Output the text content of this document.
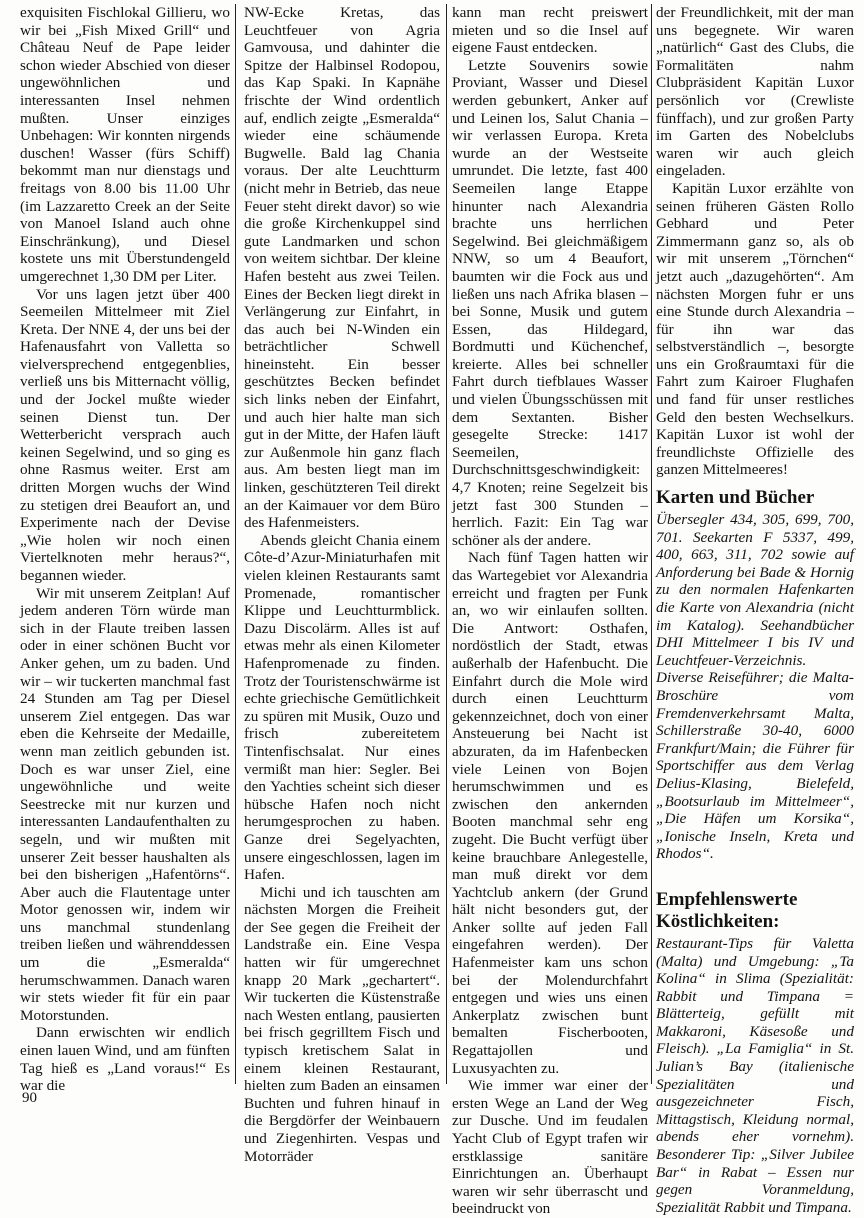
exquisiten Fischlokal Gillieru, wo wir bei „Fish Mixed Grill“ und Château Neuf de Pape leider schon wieder Abschied von dieser ungewöhnlichen und interessanten Insel nehmen mußten. Unser einziges Unbehagen: Wir konnten nirgends duschen! Wasser (fürs Schiff) bekommt man nur dienstags und freitags von 8.00 bis 11.00 Uhr (im Lazzaretto Creek an der Seite von Manoel Island auch ohne Einschränkung), und Diesel kostete uns mit Überstundengeld umgerechnet 1,30 DM per Liter.

Vor uns lagen jetzt über 400 Seemeilen Mittelmeer mit Ziel Kreta. Der NNE 4, der uns bei der Hafenausfahrt von Valletta so vielversprechend entgegenblies, verließ uns bis Mitternacht völlig, und der Jockel mußte wieder seinen Dienst tun. Der Wetterbericht versprach auch keinen Segelwind, und so ging es ohne Rasmus weiter. Erst am dritten Morgen wuchs der Wind zu stetigen drei Beaufort an, und Experimente nach der Devise „Wie holen wir noch einen Viertelknoten mehr heraus?“, begannen wieder.

Wir mit unserem Zeitplan! Auf jedem anderen Törn würde man sich in der Flaute treiben lassen oder in einer schönen Bucht vor Anker gehen, um zu baden. Und wir – wir tuckerten manchmal fast 24 Stunden am Tag per Diesel unserem Ziel entgegen. Das war eben die Kehrseite der Medaille, wenn man zeitlich gebunden ist. Doch es war unser Ziel, eine ungewöhnliche und weite Seestrecke mit nur kurzen und interessanten Landaufenthalten zu segeln, und wir mußten mit unserer Zeit besser haushalten als bei den bisherigen „Hafentörns“. Aber auch die Flautentage unter Motor genossen wir, indem wir uns manchmal stundenlang treiben ließen und währenddessen um die „Esmeralda“ herumschwammen. Danach waren wir stets wieder fit für ein paar Motorstunden.

Dann erwischten wir endlich einen lauen Wind, und am fünften Tag hieß es „Land voraus!“ Es war die

NW-Ecke Kretas, das Leuchtfeuer von Agria Gamvousa, und dahinter die Spitze der Halbinsel Rodopou, das Kap Spaki. In Kapnähe frischte der Wind ordentlich auf, endlich zeigte „Esmeralda“ wieder eine schäumende Bugwelle. Bald lag Chania voraus. Der alte Leuchtturm (nicht mehr in Betrieb, das neue Feuer steht direkt davor) so wie die große Kirchenkuppel sind gute Landmarken und schon von weitem sichtbar. Der kleine Hafen besteht aus zwei Teilen. Eines der Becken liegt direkt in Verlängerung zur Einfahrt, in das auch bei N-Winden ein beträchtlicher Schwell hineinsteht. Ein besser geschütztes Becken befindet sich links neben der Einfahrt, und auch hier halte man sich gut in der Mitte, der Hafen läuft zur Außenmole hin ganz flach aus. Am besten liegt man im linken, geschützteren Teil direkt an der Kaimauer vor dem Büro des Hafenmeisters.

Abends gleicht Chania einem Côte-d’Azur-Miniaturhafen mit vielen kleinen Restaurants samt Promenade, romantischer Klippe und Leuchtturmblick. Dazu Discolärm. Alles ist auf etwas mehr als einen Kilometer Hafenpromenade zu finden. Trotz der Touristenschwärme ist echte griechische Gemütlichkeit zu spüren mit Musik, Ouzo und frisch zubereitetem Tintenfischsalat. Nur eines vermißt man hier: Segler. Bei den Yachties scheint sich dieser hübsche Hafen noch nicht herumgesprochen zu haben. Ganze drei Segelyachten, unsere eingeschlossen, lagen im Hafen.

Michi und ich tauschten am nächsten Morgen die Freiheit der See gegen die Freiheit der Landstraße ein. Eine Vespa hatten wir für umgerechnet knapp 20 Mark „gechartert“. Wir tuckerten die Küstenstraße nach Westen entlang, pausierten bei frisch gegrilltem Fisch und typisch kretischem Salat in einem kleinen Restaurant, hielten zum Baden an einsamen Buchten und fuhren hinauf in die Bergdörfer der Weinbauern und Ziegenhirten. Vespas und Motorräder

kann man recht preiswert mieten und so die Insel auf eigene Faust entdecken.

Letzte Souvenirs sowie Proviant, Wasser und Diesel werden gebunkert, Anker auf und Leinen los, Salut Chania – wir verlassen Europa. Kreta wurde an der Westseite umrundet. Die letzte, fast 400 Seemeilen lange Etappe hinunter nach Alexandria brachte uns herrlichen Segelwind. Bei gleichmäßigem NNW, so um 4 Beaufort, baumten wir die Fock aus und ließen uns nach Afrika blasen – bei Sonne, Musik und gutem Essen, das Hildegard, Bordmutti und Küchenchef, kreierte. Alles bei schneller Fahrt durch tiefblaues Wasser und vielen Übungsschüssen mit dem Sextanten. Bisher gesegelte Strecke: 1417 Seemeilen, Durchschnittsgeschwindigkeit: 4,7 Knoten; reine Segelzeit bis jetzt fast 300 Stunden – herrlich. Fazit: Ein Tag war schöner als der andere.

Nach fünf Tagen hatten wir das Wartegebiet vor Alexandria erreicht und fragten per Funk an, wo wir einlaufen sollten. Die Antwort: Osthafen, nordöstlich der Stadt, etwas außerhalb der Hafenbucht. Die Einfahrt durch die Mole wird durch einen Leuchtturm gekennzeichnet, doch von einer Ansteuerung bei Nacht ist abzuraten, da im Hafenbecken viele Leinen von Bojen herumschwimmen und es zwischen den ankernden Booten manchmal sehr eng zugeht. Die Bucht verfügt über keine brauchbare Anlegestelle, man muß direkt vor dem Yachtclub ankern (der Grund hält nicht besonders gut, der Anker sollte auf jeden Fall eingefahren werden). Der Hafenmeister kam uns schon bei der Molendurchfahrt entgegen und wies uns einen Ankerplatz zwischen bunt bemalten Fischerbooten, Regattajollen und Luxusyachten zu.

Wie immer war einer der ersten Wege an Land der Weg zur Dusche. Und im feudalen Yacht Club of Egypt trafen wir erstklassige sanitäre Einrichtungen an. Überhaupt waren wir sehr überrascht und beeindruckt von

der Freundlichkeit, mit der man uns begegnete. Wir waren „natürlich“ Gast des Clubs, die Formalitäten nahm Clubpräsident Kapitän Luxor persönlich vor (Crewliste fünffach), und zur großen Party im Garten des Nobelclubs waren wir auch gleich eingeladen.

Kapitän Luxor erzählte von seinen früheren Gästen Rollo Gebhard und Peter Zimmermann ganz so, als ob wir mit unserem „Törnchen“ jetzt auch „dazugehörten“. Am nächsten Morgen fuhr er uns eine Stunde durch Alexandria – für ihn war das selbstverständlich –, besorgte uns ein Großraumtaxi für die Fahrt zum Kairoer Flughafen und fand für unser restliches Geld den besten Wechselkurs. Kapitän Luxor ist wohl der freundlichste Offizielle des ganzen Mittelmeeres!

Karten und Bücher

Übersegler 434, 305, 699, 700, 701. Seekarten F 5337, 499, 400, 663, 311, 702 sowie auf Anforderung bei Bade & Hornig zu den normalen Hafenkarten die Karte von Alexandria (nicht im Katalog). Seehandbücher DHI Mittelmeer I bis IV und Leuchtfeuer-Verzeichnis. Diverse Reiseführer; die Malta-Broschüre vom Fremdenverkehrsamt Malta, Schillerstraße 30-40, 6000 Frankfurt/Main; die Führer für Sportschiffer aus dem Verlag Delius-Klasing, Bielefeld, „Bootsurlaub im Mittelmeer“, „Die Häfen um Korsika“, „Ionische Inseln, Kreta und Rhodos“.

Empfehlenswerte Köstlichkeiten:

Restaurant-Tips für Valetta (Malta) und Umgebung: „Ta Kolina“ in Slima (Spezialität: Rabbit und Timpana = Blätterteig, gefüllt mit Makkaroni, Käsesoße und Fleisch). „La Famiglia“ in St. Julian’s Bay (italienische Spezialitäten und ausgezeichneter Fisch, Mittagstisch, Kleidung normal, abends eher vornehm). Besonderer Tip: „Silver Jubilee Bar“ in Rabat – Essen nur gegen Voranmeldung, Spezialität Rabbit und Timpana.

90
